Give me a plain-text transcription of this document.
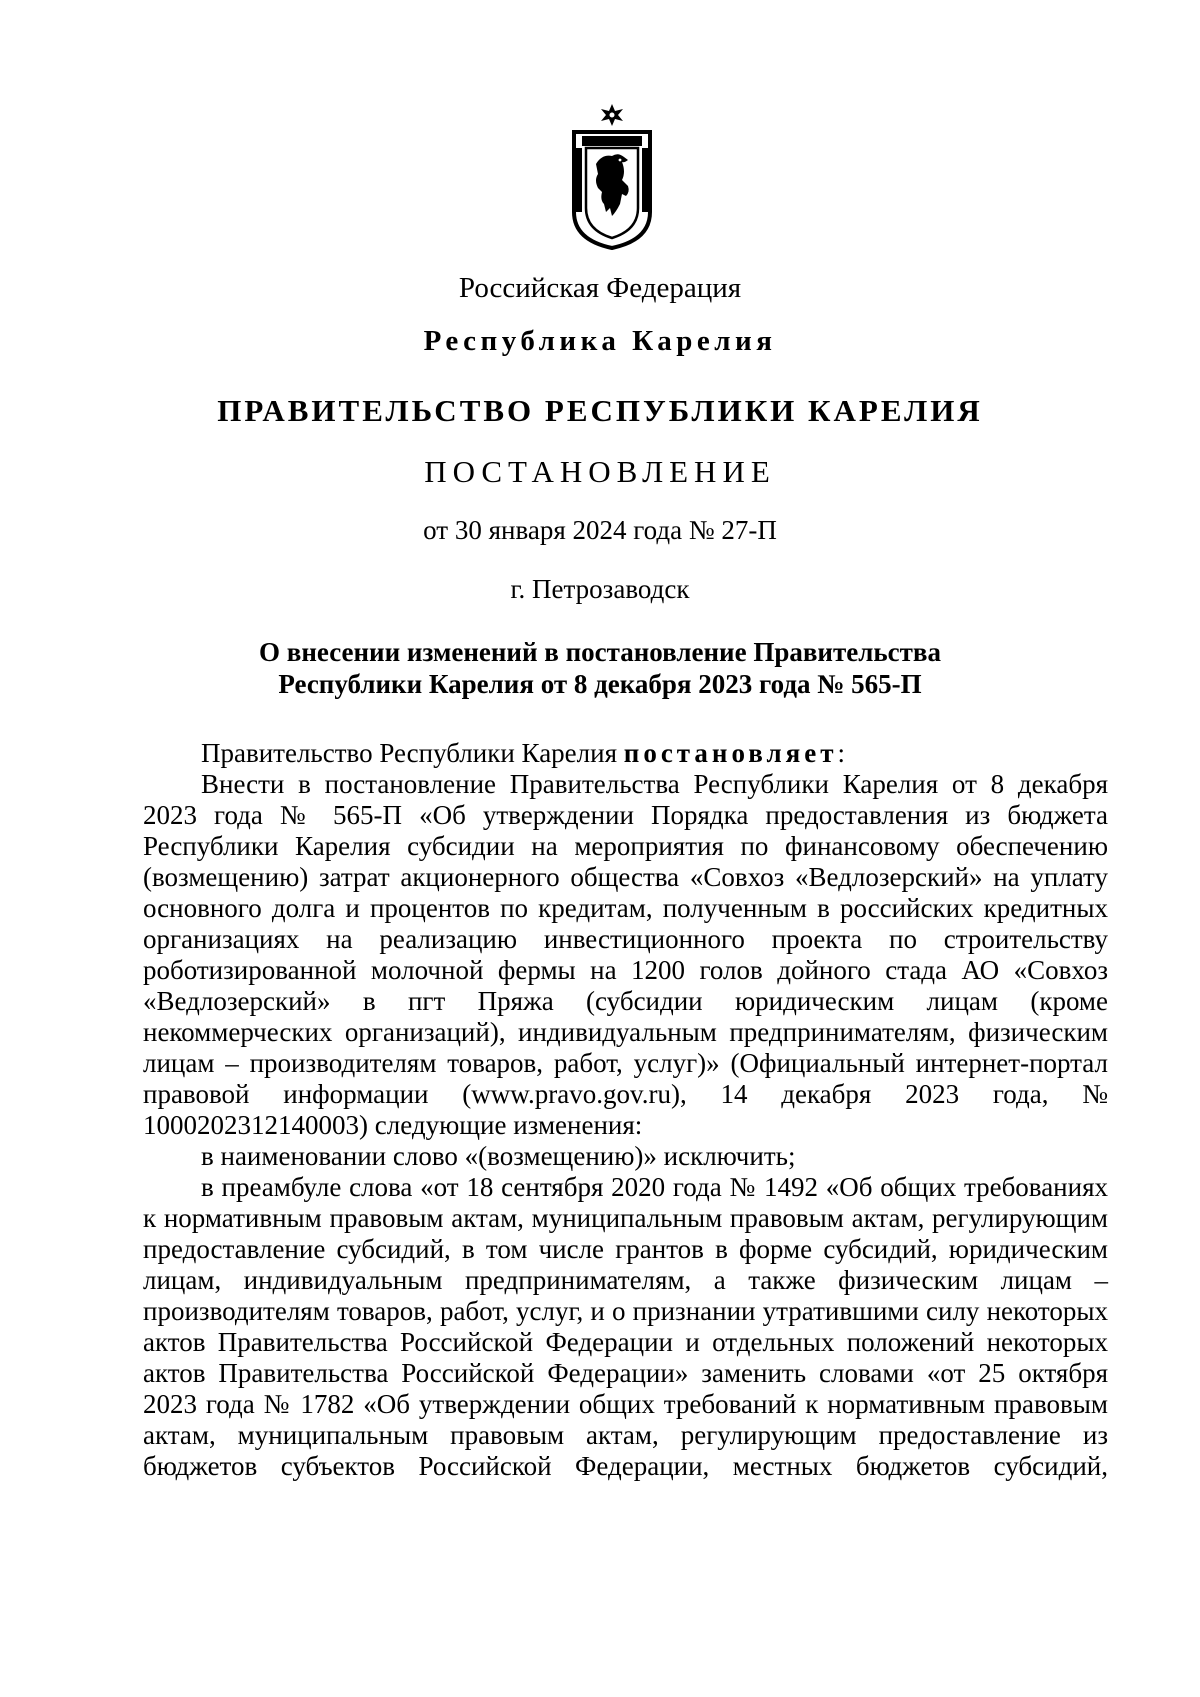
Российская Федерация
Республика Карелия
ПРАВИТЕЛЬСТВО РЕСПУБЛИКИ КАРЕЛИЯ
ПОСТАНОВЛЕНИЕ
от 30 января 2024 года № 27-П
г. Петрозаводск
О внесении изменений в постановление Правительства
Республики Карелия от 8 декабря 2023 года № 565-П

Правительство Республики Карелия постановляет:

Внести в постановление Правительства Республики Карелия от 8 декабря 2023 года № 565-П «Об утверждении Порядка предоставления из бюджета Республики Карелия субсидии на мероприятия по финансовому обеспечению (возмещению) затрат акционерного общества «Совхоз «Ведлозерский» на уплату основного долга и процентов по кредитам, полученным в российских кредитных организациях на реализацию инвестиционного проекта по строительству роботизированной молочной фермы на 1200 голов дойного стада АО «Совхоз «Ведлозерский» в пгт Пряжа (субсидии юридическим лицам (кроме некоммерческих организаций), индивидуальным предпринимателям, физическим лицам – производителям товаров, работ, услуг)» (Официальный интернет-портал правовой информации (www.pravo.gov.ru), 14 декабря 2023 года, № 1000202312140003) следующие изменения:

в наименовании слово «(возмещению)» исключить;

в преамбуле слова «от 18 сентября 2020 года № 1492 «Об общих требованиях к нормативным правовым актам, муниципальным правовым актам, регулирующим предоставление субсидий, в том числе грантов в форме субсидий, юридическим лицам, индивидуальным предпринимателям, а также физическим лицам – производителям товаров, работ, услуг, и о признании утратившими силу некоторых актов Правительства Российской Федерации и отдельных положений некоторых актов Правительства Российской Федерации» заменить словами «от 25 октября 2023 года № 1782 «Об утверждении общих требований к нормативным правовым актам, муниципальным правовым актам, регулирующим предоставление из бюджетов субъектов Российской Федерации, местных бюджетов субсидий,
